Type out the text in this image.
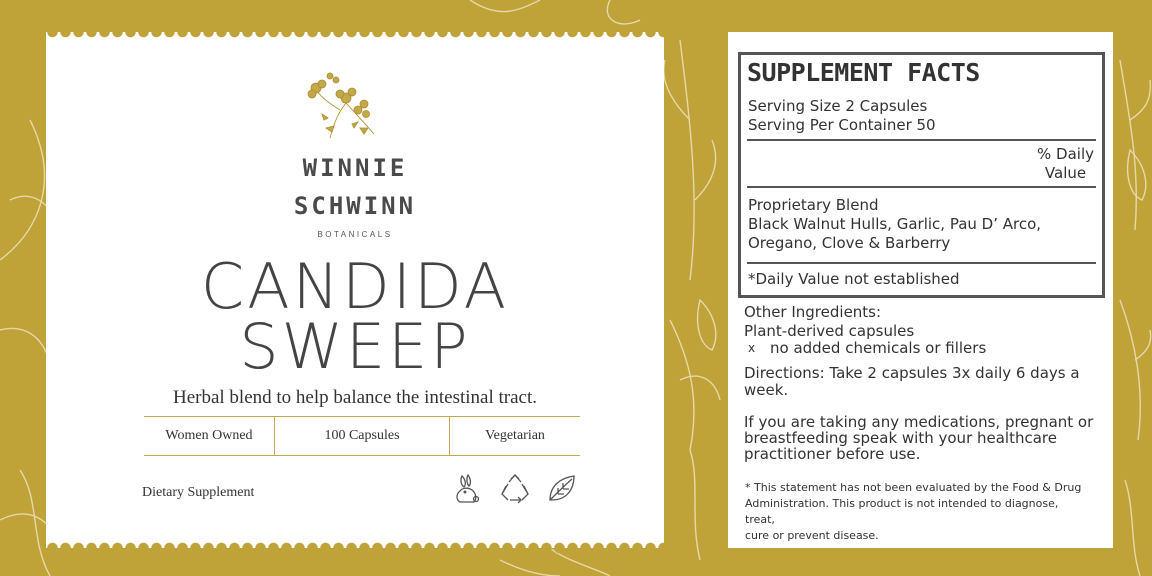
WINNIE
SCHWINN
BOTANICALS
CANDIDA
SWEEP
Herbal blend to help balance the intestinal tract.
Women Owned	100 Capsules	Vegetarian
Dietary Supplement
SUPPLEMENT FACTS
Serving Size 2 Capsules
Serving Per Container 50
% Daily
Value
Proprietary Blend
Black Walnut Hulls, Garlic, Pau D’ Arco,
Oregano, Clove & Barberry
*Daily Value not established
Other Ingredients:
Plant-derived capsules
x no added chemicals or fillers
Directions: Take 2 capsules 3x daily 6 days a
week.
If you are taking any medications, pregnant or
breastfeeding speak with your healthcare
practitioner before use.
* This statement has not been evaluated by the Food & Drug
Administration. This product is not intended to diagnose, treat,
cure or prevent disease.
